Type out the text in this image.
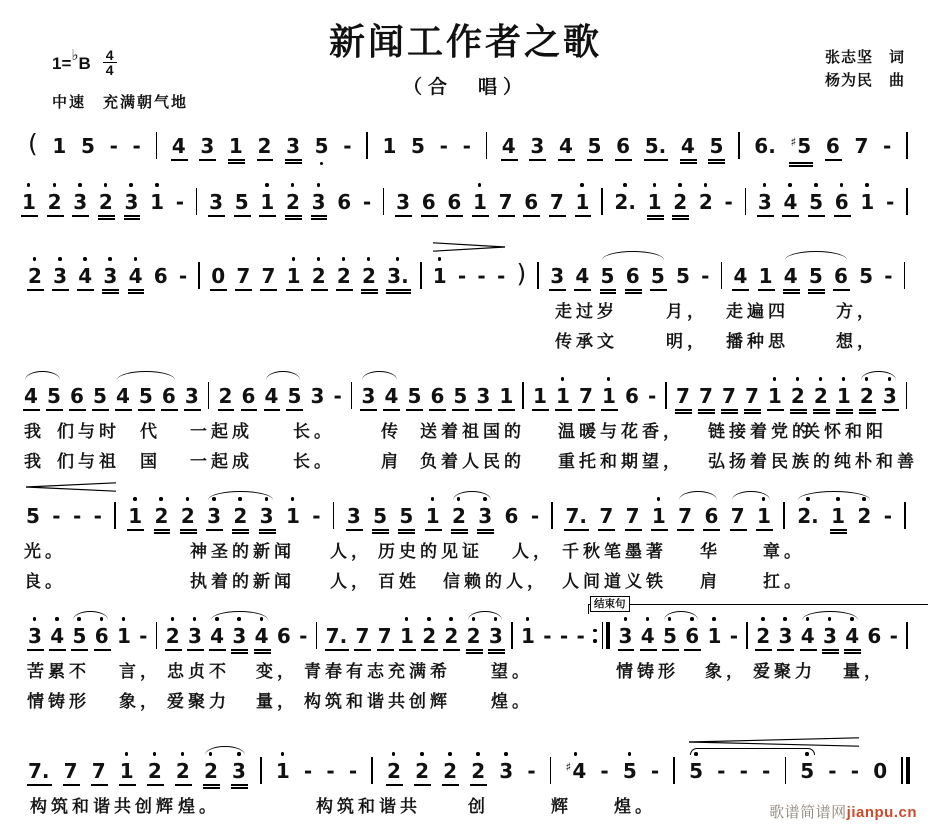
新闻工作者之歌
（合　唱）
1=♭B 4
4
中速　充满朝气地
张志坚　词
杨为民　曲
( 1 5 - - 4 3 1 2 3 5 - 1 5 - - 4 3 4 5 6 5. 4 5 6. ♯5 6 7 -
1 2 3 2 3 1 - 3 5 1 2 3 6 - 3 6 6 1 7 6 7 1 2. 1 2 2 - 3 4 5 6 1 -
2 3 4 3 4 6 - 0 7 7 1 2 2 2 3. 1 - - - ) 3 4 5 6 5 5 - 4 1 4 5 6 5 -
走过岁	月， 走遍四	方，
传承文	明， 播种思	想，
4 5 6 5 4 5 6 3 2 6 4 5 3 - 3 4 5 6 5 3 1 1 1 7 1 6 - 7 7 7 7 1 2 2 1 2 3
我 们与时 代 一起成 长。	传 送着祖国的 温暖与花香， 链接着党的
关怀和阳
我 们与祖 国 一起成 长。	肩 负着人民的 重托和期望， 弘扬着民族的纯朴和善
5 - - - 1 2 2 3 2 3 1 - 3 5 5 1 2 3 6 - 7. 7 7 1 7 6 7 1 2. 1 2 -
光。	神圣的新闻 人， 历史的见证 人， 千秋笔墨著 华 章。
良。	执着的新闻 人， 百姓 信赖的人， 人间道义铁 肩 扛。
3 4 5 6 1 - 2 3 4 3 4 6 - 7. 7 7 1 2 2 2 3 1 - - - 3 4 5 6 1 - 2 3 4 3 4 6 -
苦累不 言， 忠贞不 变， 青春有志充满希 望。	情铸形 象， 爱聚力 量，
情铸形 象， 爱聚力 量， 构筑和谐共创辉 煌。
7. 7 7 1 2 2 2 3 1 - - - 2 2 2 2 3 - ♯4 - 5 - 5 - - - 5 - - 0
构筑和谐共创辉 煌。	构筑和谐共	创	辉 煌。
结束句
歌谱简谱网jianpu.cn
